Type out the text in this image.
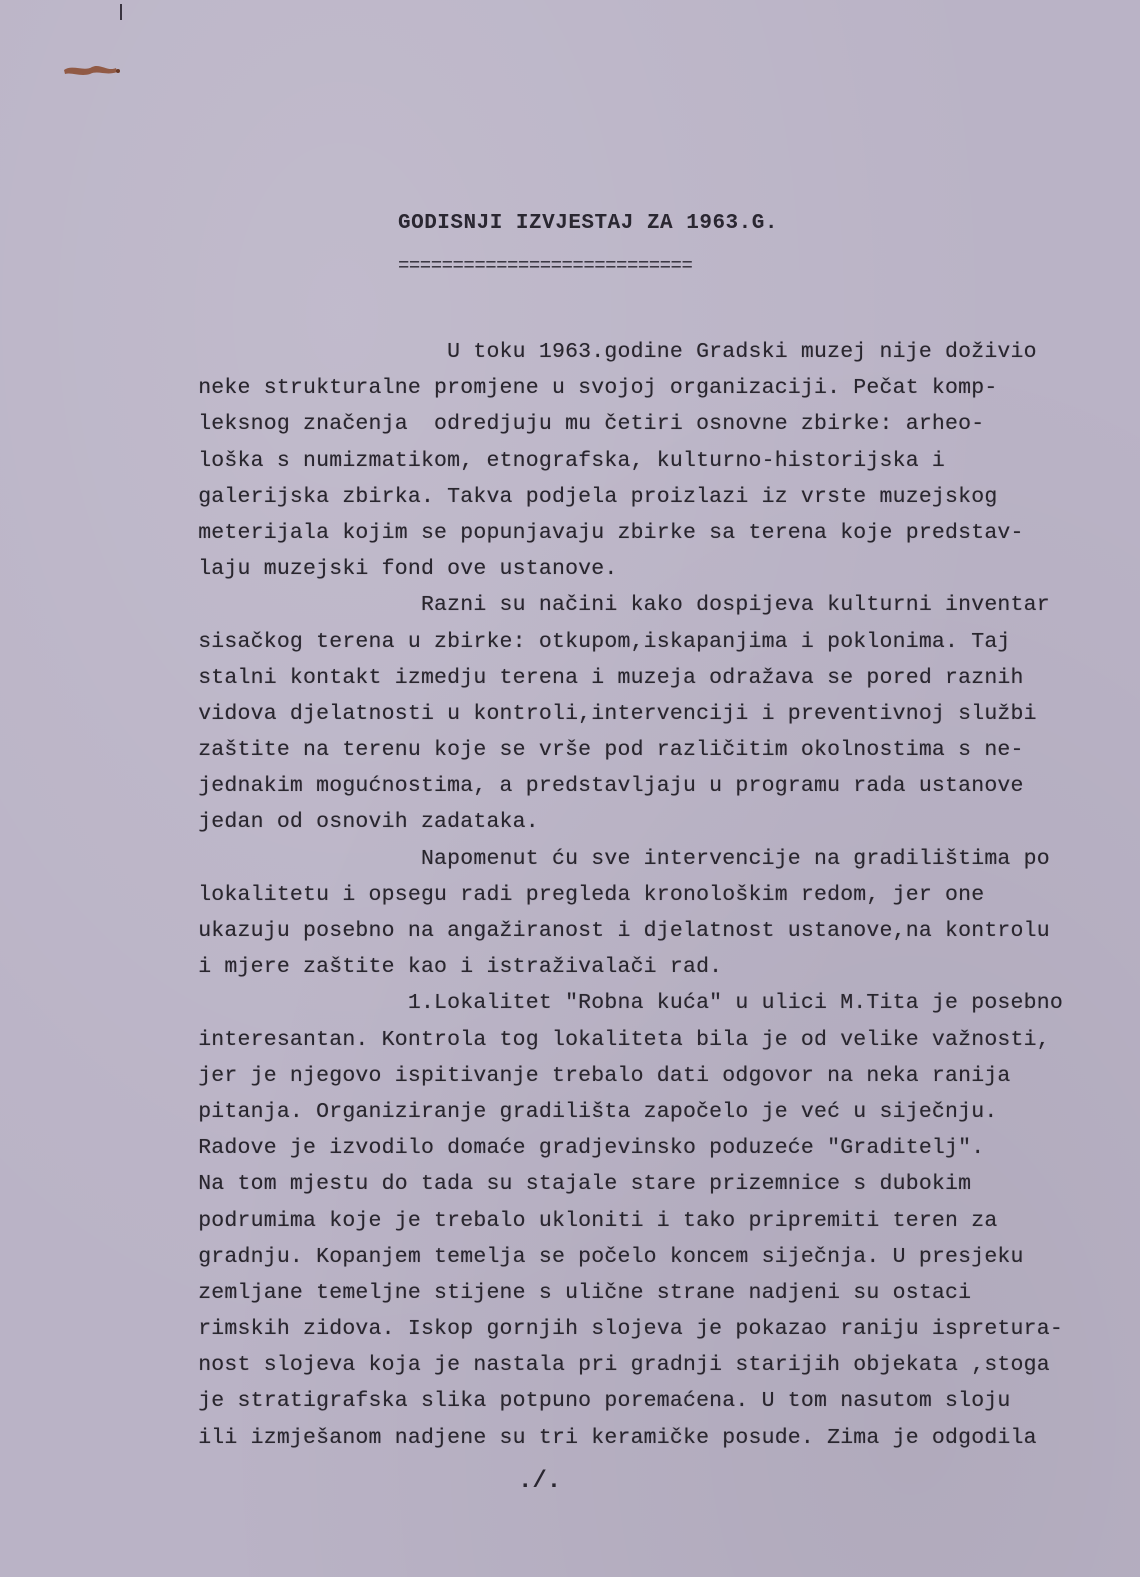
GODISNJI IZVJESTAJ ZA 1963.G.
===========================
U toku 1963.godine Gradski muzej nije doživio
neke strukturalne promjene u svojoj organizaciji. Pečat komp-
leksnog značenja  odredjuju mu četiri osnovne zbirke: arheo-
loška s numizmatikom, etnografska, kulturno-historijska i
galerijska zbirka. Takva podjela proizlazi iz vrste muzejskog
meterijala kojim se popunjavaju zbirke sa terena koje predstav-
laju muzejski fond ove ustanove.
Razni su načini kako dospijeva kulturni inventar
sisačkog terena u zbirke: otkupom,iskapanjima i poklonima. Taj
stalni kontakt izmedju terena i muzeja odražava se pored raznih
vidova djelatnosti u kontroli,intervenciji i preventivnoj službi
zaštite na terenu koje se vrše pod različitim okolnostima s ne-
jednakim mogućnostima, a predstavljaju u programu rada ustanove
jedan od osnovih zadataka.
Napomenut ću sve intervencije na gradilištima po
lokalitetu i opsegu radi pregleda kronološkim redom, jer one
ukazuju posebno na angažiranost i djelatnost ustanove,na kontrolu
i mjere zaštite kao i istraživalači rad.
1.Lokalitet "Robna kuća" u ulici M.Tita je posebno
interesantan. Kontrola tog lokaliteta bila je od velike važnosti,
jer je njegovo ispitivanje trebalo dati odgovor na neka ranija
pitanja. Organiziranje gradilišta započelo je već u siječnju.
Radove je izvodilo domaće gradjevinsko poduzeće "Graditelj".
Na tom mjestu do tada su stajale stare prizemnice s dubokim
podrumima koje je trebalo ukloniti i tako pripremiti teren za
gradnju. Kopanjem temelja se počelo koncem siječnja. U presjeku
zemljane temeljne stijene s ulične strane nadjeni su ostaci
rimskih zidova. Iskop gornjih slojeva je pokazao raniju ispretura-
nost slojeva koja je nastala pri gradnji starijih objekata ,stoga
je stratigrafska slika potpuno poremaćena. U tom nasutom sloju
ili izmješanom nadjene su tri keramičke posude. Zima je odgodila
./.
